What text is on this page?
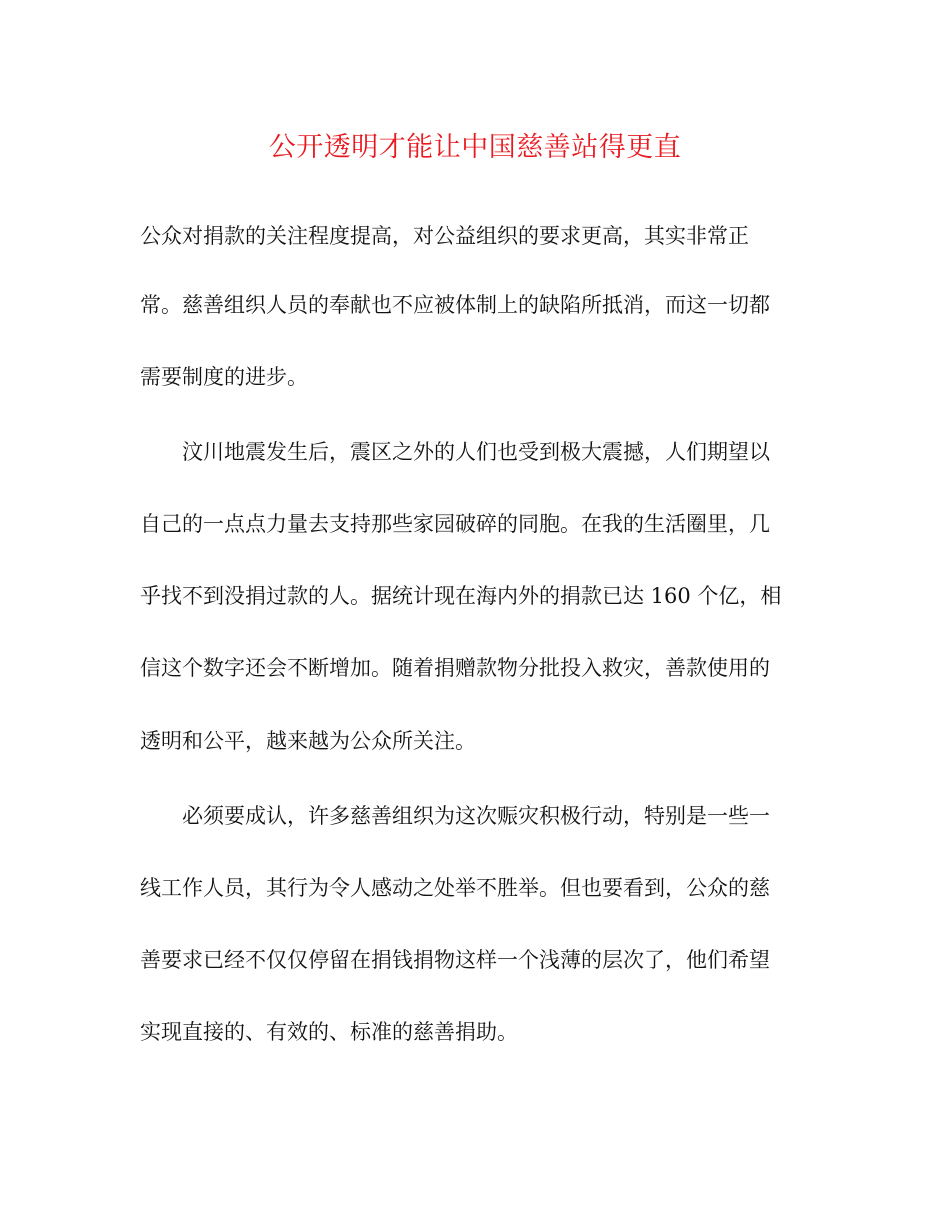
公开透明才能让中国慈善站得更直
公众对捐款的关注程度提高，对公益组织的要求更高，其实非常正
常。慈善组织人员的奉献也不应被体制上的缺陷所抵消，而这一切都
需要制度的进步。
汶川地震发生后，震区之外的人们也受到极大震撼，人们期望以
自己的一点点力量去支持那些家园破碎的同胞。在我的生活圈里，几
乎找不到没捐过款的人。据统计现在海内外的捐款已达 160 个亿，相
信这个数字还会不断增加。随着捐赠款物分批投入救灾，善款使用的
透明和公平，越来越为公众所关注。
必须要成认，许多慈善组织为这次赈灾积极行动，特别是一些一
线工作人员，其行为令人感动之处举不胜举。但也要看到，公众的慈
善要求已经不仅仅停留在捐钱捐物这样一个浅薄的层次了，他们希望
实现直接的、有效的、标准的慈善捐助。
